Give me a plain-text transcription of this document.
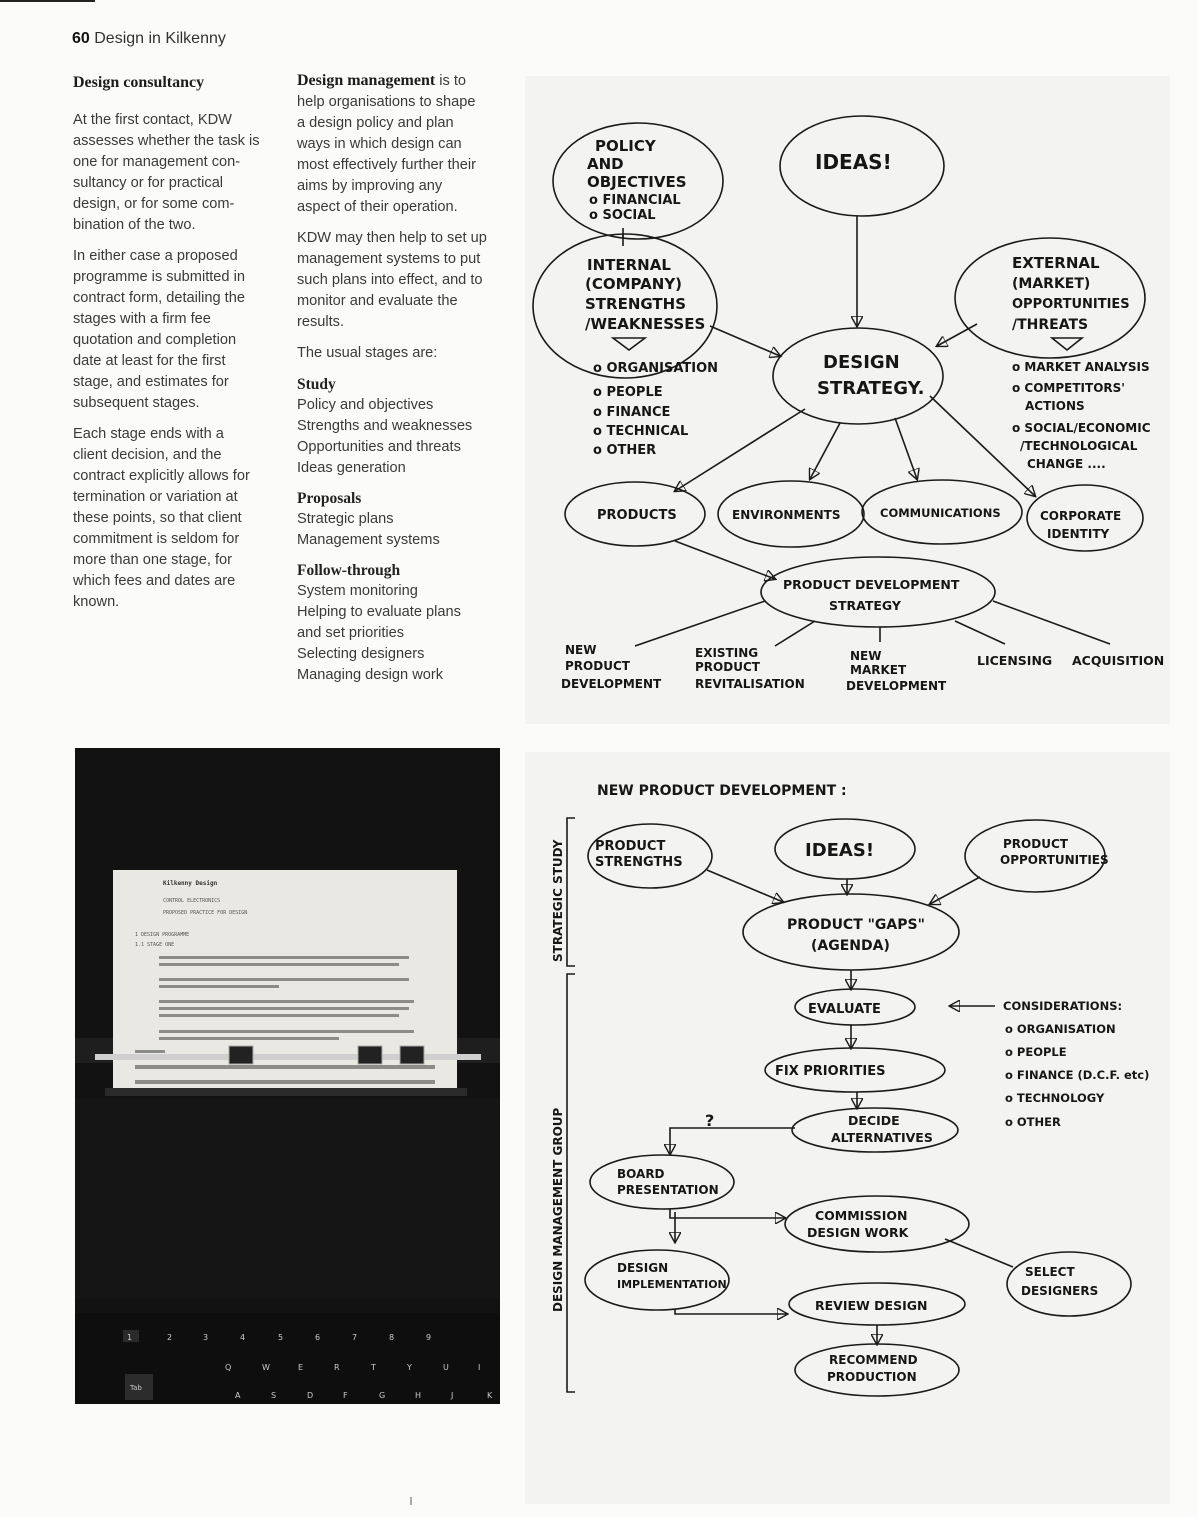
60 Design in Kilkenny
Design consultancy

At the first contact, KDW
assesses whether the task is
one for management con-
sultancy or for practical
design, or for some com-
bination of the two.

In either case a proposed
programme is submitted in
contract form, detailing the
stages with a firm fee
quotation and completion
date at least for the first
stage, and estimates for
subsequent stages.

Each stage ends with a
client decision, and the
contract explicitly allows for
termination or variation at
these points, so that client
commitment is seldom for
more than one stage, for
which fees and dates are
known.

Design management is to
help organisations to shape
a design policy and plan
ways in which design can
most effectively further their
aims by improving any
aspect of their operation.

KDW may then help to set up
management systems to put
such plans into effect, and to
monitor and evaluate the
results.

The usual stages are:

Study
Policy and objectives
Strengths and weaknesses
Opportunities and threats
Ideas generation
Proposals
Strategic plans
Management systems
Follow-through
System monitoring
Helping to evaluate plans
and set priorities
Selecting designers
Managing design work
POLICY
AND
OBJECTIVES
o FINANCIAL
o SOCIAL
IDEAS!
INTERNAL
(COMPANY)
STRENGTHS
/WEAKNESSES
o ORGANISATION
o PEOPLE
o FINANCE
o TECHNICAL
o OTHER
EXTERNAL
(MARKET)
OPPORTUNITIES
/THREATS
o MARKET ANALYSIS
o COMPETITORS'
ACTIONS
o SOCIAL/ECONOMIC
/TECHNOLOGICAL
CHANGE ....
DESIGN
STRATEGY.
PRODUCTS	ENVIRONMENTS	COMMUNICATIONS	CORPORATE
IDENTITY
PRODUCT DEVELOPMENT
STRATEGY
NEW
PRODUCT
DEVELOPMENT
EXISTING
PRODUCT
REVITALISATION
NEW
MARKET
DEVELOPMENT
LICENSING ACQUISITION
Kilkenny Design
CONTROL ELECTRONICS
PROPOSED PRACTICE FOR DESIGN
1 DESIGN PROGRAMME
1.1 STAGE ONE
1	2	3	4	5	6	7	8	9
Q	W	E	R	T	Y	U	I
A	S	D	F	G	H	J	K
Tab
NEW PRODUCT DEVELOPMENT :
STRATEGIC STUDY
DESIGN MANAGEMENT GROUP
PRODUCT
STRENGTHS
IDEAS!	PRODUCT
OPPORTUNITIES
PRODUCT "GAPS"
(AGENDA)
EVALUATE
FIX PRIORITIES
?	DECIDE
ALTERNATIVES
BOARD
PRESENTATION
COMMISSION
DESIGN WORK
DESIGN
IMPLEMENTATION
SELECT
DESIGNERS
REVIEW DESIGN
RECOMMEND
PRODUCTION
CONSIDERATIONS:
o ORGANISATION
o PEOPLE
o FINANCE (D.C.F. etc)
o TECHNOLOGY
o OTHER
